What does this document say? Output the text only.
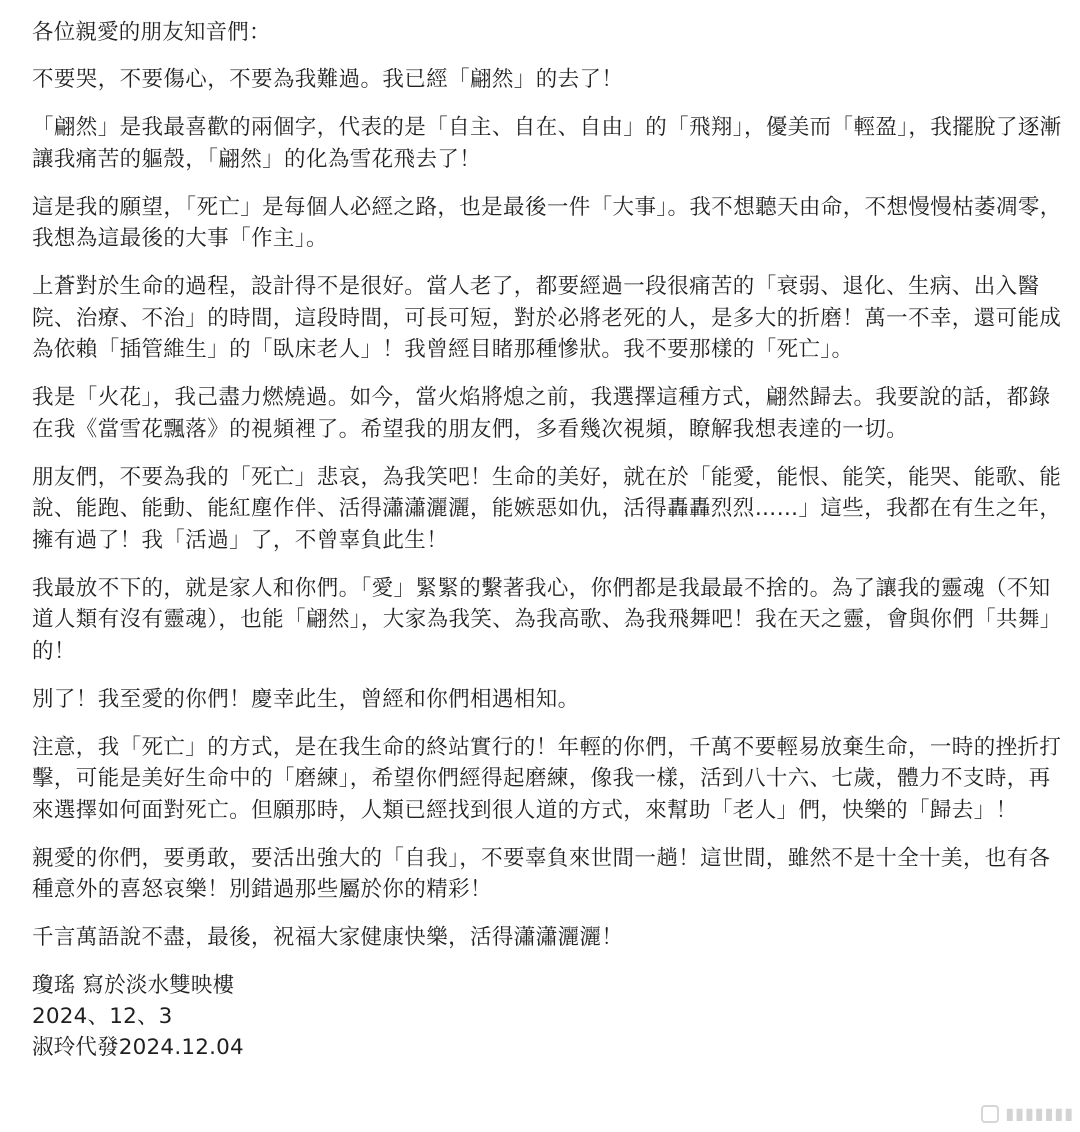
各位親愛的朋友知音們：

不要哭，不要傷心，不要為我難過。我已經「翩然」的去了！

「翩然」是我最喜歡的兩個字，代表的是「自主、自在、自由」的「飛翔」，優美而「輕盈」，我擺脫了逐漸讓我痛苦的軀殼，「翩然」的化為雪花飛去了！

這是我的願望，「死亡」是每個人必經之路，也是最後一件「大事」。我不想聽天由命，不想慢慢枯萎凋零，我想為這最後的大事「作主」。

上蒼對於生命的過程，設計得不是很好。當人老了，都要經過一段很痛苦的「衰弱、退化、生病、出入醫院、治療、不治」的時間，這段時間，可長可短，對於必將老死的人，是多大的折磨！萬一不幸，還可能成為依賴「插管維生」的「臥床老人」！我曾經目睹那種慘狀。我不要那樣的「死亡」。

我是「火花」，我己盡力燃燒過。如今，當火焰將熄之前，我選擇這種方式，翩然歸去。我要說的話，都錄在我《當雪花飄落》的視頻裡了。希望我的朋友們，多看幾次視頻，瞭解我想表達的一切。

朋友們，不要為我的「死亡」悲哀，為我笑吧！生命的美好，就在於「能愛，能恨、能笑，能哭、能歌、能說、能跑、能動、能紅塵作伴、活得瀟瀟灑灑，能嫉惡如仇，活得轟轟烈烈……」這些，我都在有生之年，擁有過了！我「活過」了，不曾辜負此生！

我最放不下的，就是家人和你們。「愛」緊緊的繫著我心，你們都是我最最不捨的。為了讓我的靈魂（不知道人類有沒有靈魂），也能「翩然」，大家為我笑、為我高歌、為我飛舞吧！我在天之靈，會與你們「共舞」的！

別了！我至愛的你們！慶幸此生，曾經和你們相遇相知。

注意，我「死亡」的方式，是在我生命的終站實行的！年輕的你們，千萬不要輕易放棄生命，一時的挫折打擊，可能是美好生命中的「磨練」，希望你們經得起磨練，像我一樣，活到八十六、七歲，體力不支時，再來選擇如何面對死亡。但願那時，人類已經找到很人道的方式，來幫助「老人」們，快樂的「歸去」！

親愛的你們，要勇敢，要活出強大的「自我」，不要辜負來世間一趟！這世間，雖然不是十全十美，也有各種意外的喜怒哀樂！別錯過那些屬於你的精彩！

千言萬語說不盡，最後，祝福大家健康快樂，活得瀟瀟灑灑！

瓊瑤 寫於淡水雙映樓

2024、12、3

淑玲代發2024.12.04

▮▮▮▮▮▮▮
